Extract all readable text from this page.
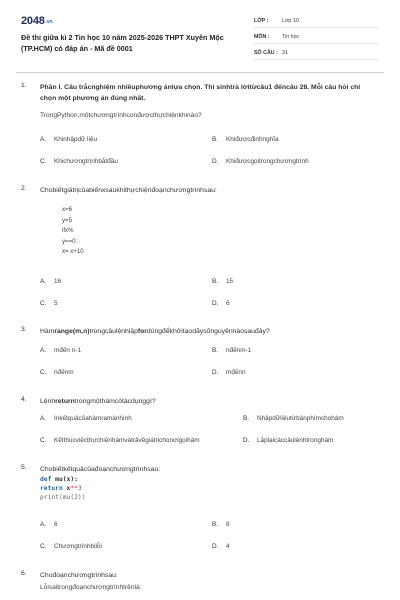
2048.vn
Đề thi giữa kì 2 Tin học 10 năm 2025-2026 THPT Xuyên Mộc (TP.HCM) có đáp án - Mã đề 0001
LỚP :	Lớp 10
MÔN :	Tin học
SỐ CÂU : 31
1. Phần I. Câu trắcnghiệm nhiềuphương ánlựa chọn. Thí sinhtrả lờitừcâu1 đếncâu 28. Mỗi câu hỏi chỉ chọn một phương án đúng nhất.
TrongPython,mộtchươngtrìnhconđượcthựchiệnkhinào?
A. Khinhậpdữ liệu	B. Khiđượcđịnhnghĩa
C. Khichươngtrìnhbắtđầu	D. Khiđượcgọitrongchươngtrình
2. Chobiếtgiátrịcủabiếnxsaukhithựchiệnđoạnchươngtrìnhsau:
x=6
y=5
ifx%
y==0:
x= x+10
A. 16	B. 15
C. 5	D. 6
3. Hàmrange(m,n)trongcâulệnhlặpfordùngđểkhởitạodãysốnguyênnàosauđây?
A. mđến n-1	B. nđếnm-1
C. nđếnm	D. mđếnn
4. Lệnhreturntrongmộthàmcótácdụnggì?
A. Inkếtquảcủahàmramànhình	B. Nhậpdữliệutừbànphímchohàm
C. Kếtthúcviệcthựchiệnhàmvàtrảvềgiátrịchonơigọihàm	D. Lặplạicáccâulệnhtronghàm
5. Chobiếtkếtquảcủađoạnchươngtrìnhsau:
def mu(x):
return x**3
print(mu(2))
A. 6	B. 8
C. Chươngtrìnhbịlỗi	D. 4
6. Chođoạnchươngtrìnhsau:
Lỗisaitrongđoạnchươngtrìnhtrênlà:
